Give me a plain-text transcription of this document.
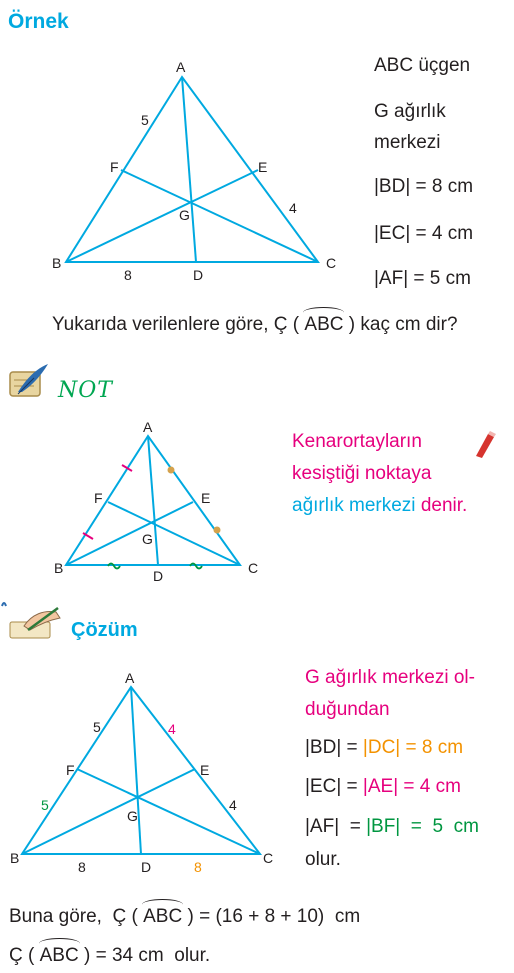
Örnek
A
B	C
D
E
F
G
5
4
8
ABC üçgen
G ağırlık
merkezi
|BD| = 8 cm
|EC| = 4 cm
|AF| = 5 cm
Yukarıda verilenlere göre, Ç ( ABC ) kaç cm dir?
NOT
A
B	C
D
E
F
G
Kenarortayların
kesiştiği noktaya
ağırlık merkezi denir.
Çözüm
A
B	C
D
E
F
G
5	4
5	4
8	8
G ağırlık merkezi ol-
duğundan
|BD| = |DC| = 8 cm
|EC| = |AE| = 4 cm
|AF|  = |BF|  =  5  cm
olur.
Buna göre,  Ç ( ABC ) = (16 + 8 + 10)  cm
Ç ( ABC ) = 34 cm  olur.
